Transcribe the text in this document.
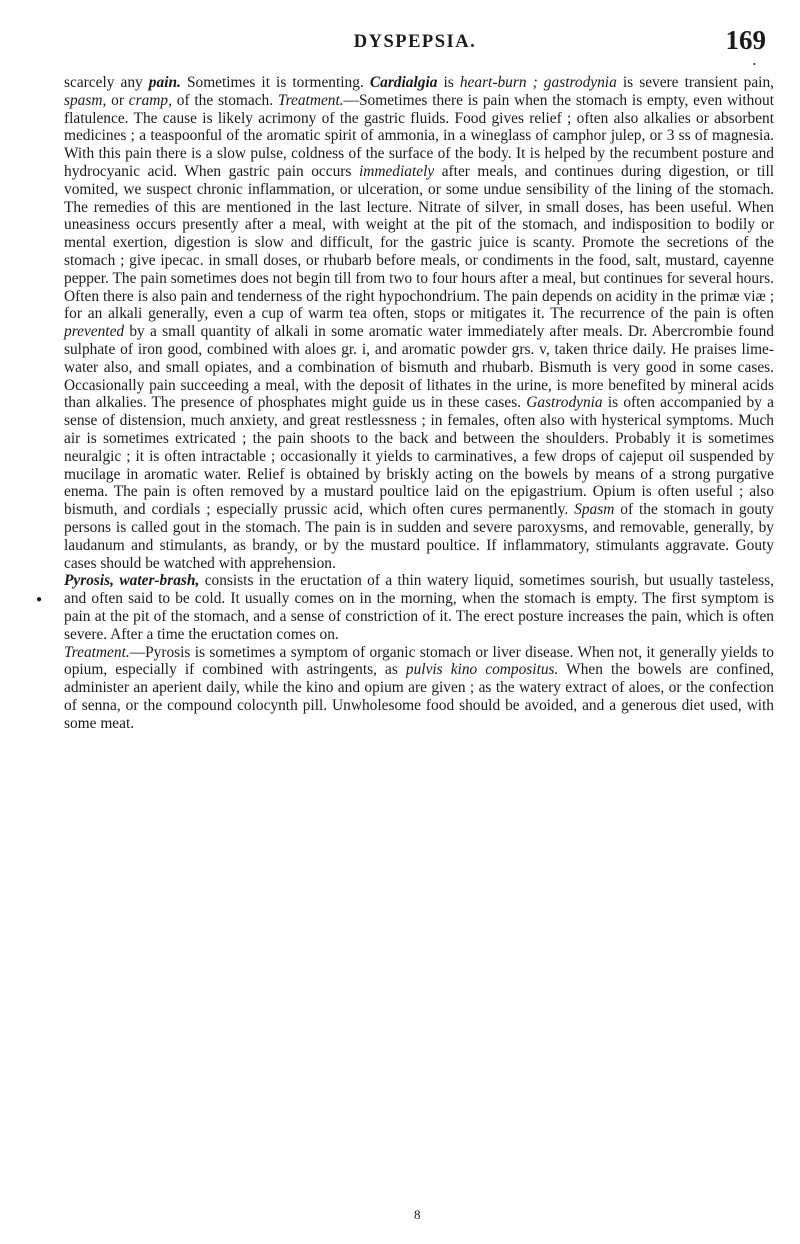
DYSPEPSIA.	169
•
●

scarcely any pain. Sometimes it is tormenting. Cardialgia is heart-burn ; gastrodynia is severe transient pain, spasm, or cramp, of the stomach. Treatment.—Sometimes there is pain when the stomach is empty, even without flatulence. The cause is likely acrimony of the gastric fluids. Food gives relief ; often also alkalies or absorbent medicines ; a teaspoonful of the aromatic spirit of ammonia, in a wineglass of camphor julep, or 3 ss of magnesia. With this pain there is a slow pulse, coldness of the surface of the body. It is helped by the recumbent posture and hydrocyanic acid. When gastric pain occurs immediately after meals, and continues during digestion, or till vomited, we suspect chronic inflammation, or ulceration, or some undue sensibility of the lining of the stomach. The remedies of this are mentioned in the last lecture. Nitrate of silver, in small doses, has been useful. When uneasiness occurs presently after a meal, with weight at the pit of the stomach, and indisposition to bodily or mental exertion, digestion is slow and difficult, for the gastric juice is scanty. Promote the secretions of the stomach ; give ipecac. in small doses, or rhubarb before meals, or condiments in the food, salt, mustard, cayenne pepper. The pain sometimes does not begin till from two to four hours after a meal, but continues for several hours. Often there is also pain and tenderness of the right hypochondrium. The pain depends on acidity in the primæ viæ ; for an alkali generally, even a cup of warm tea often, stops or mitigates it. The recurrence of the pain is often prevented by a small quantity of alkali in some aromatic water immediately after meals. Dr. Abercrombie found sulphate of iron good, combined with aloes gr. i, and aromatic powder grs. v, taken thrice daily. He praises lime-water also, and small opiates, and a combination of bismuth and rhubarb. Bismuth is very good in some cases. Occasionally pain succeeding a meal, with the deposit of lithates in the urine, is more benefited by mineral acids than alkalies. The presence of phosphates might guide us in these cases. Gastrodynia is often accompanied by a sense of distension, much anxiety, and great restlessness ; in females, often also with hysterical symptoms. Much air is sometimes extricated ; the pain shoots to the back and between the shoulders. Probably it is sometimes neuralgic ; it is often intractable ; occasionally it yields to carminatives, a few drops of cajeput oil suspended by mucilage in aromatic water. Relief is obtained by briskly acting on the bowels by means of a strong purgative enema. The pain is often removed by a mustard poultice laid on the epigastrium. Opium is often useful ; also bismuth, and cordials ; especially prussic acid, which often cures permanently. Spasm of the stomach in gouty persons is called gout in the stomach. The pain is in sudden and severe paroxysms, and removable, generally, by laudanum and stimulants, as brandy, or by the mustard poultice. If inflammatory, stimulants aggravate. Gouty cases should be watched with apprehension.

Pyrosis, water-brash, consists in the eructation of a thin watery liquid, sometimes sourish, but usually tasteless, and often said to be cold. It usually comes on in the morning, when the stomach is empty. The first symptom is pain at the pit of the stomach, and a sense of constriction of it. The erect posture increases the pain, which is often severe. After a time the eructation comes on.

Treatment.—Pyrosis is sometimes a symptom of organic stomach or liver disease. When not, it generally yields to opium, especially if combined with astringents, as pulvis kino compositus. When the bowels are confined, administer an aperient daily, while the kino and opium are given ; as the watery extract of aloes, or the confection of senna, or the compound colocynth pill. Unwholesome food should be avoided, and a generous diet used, with some meat.

8
